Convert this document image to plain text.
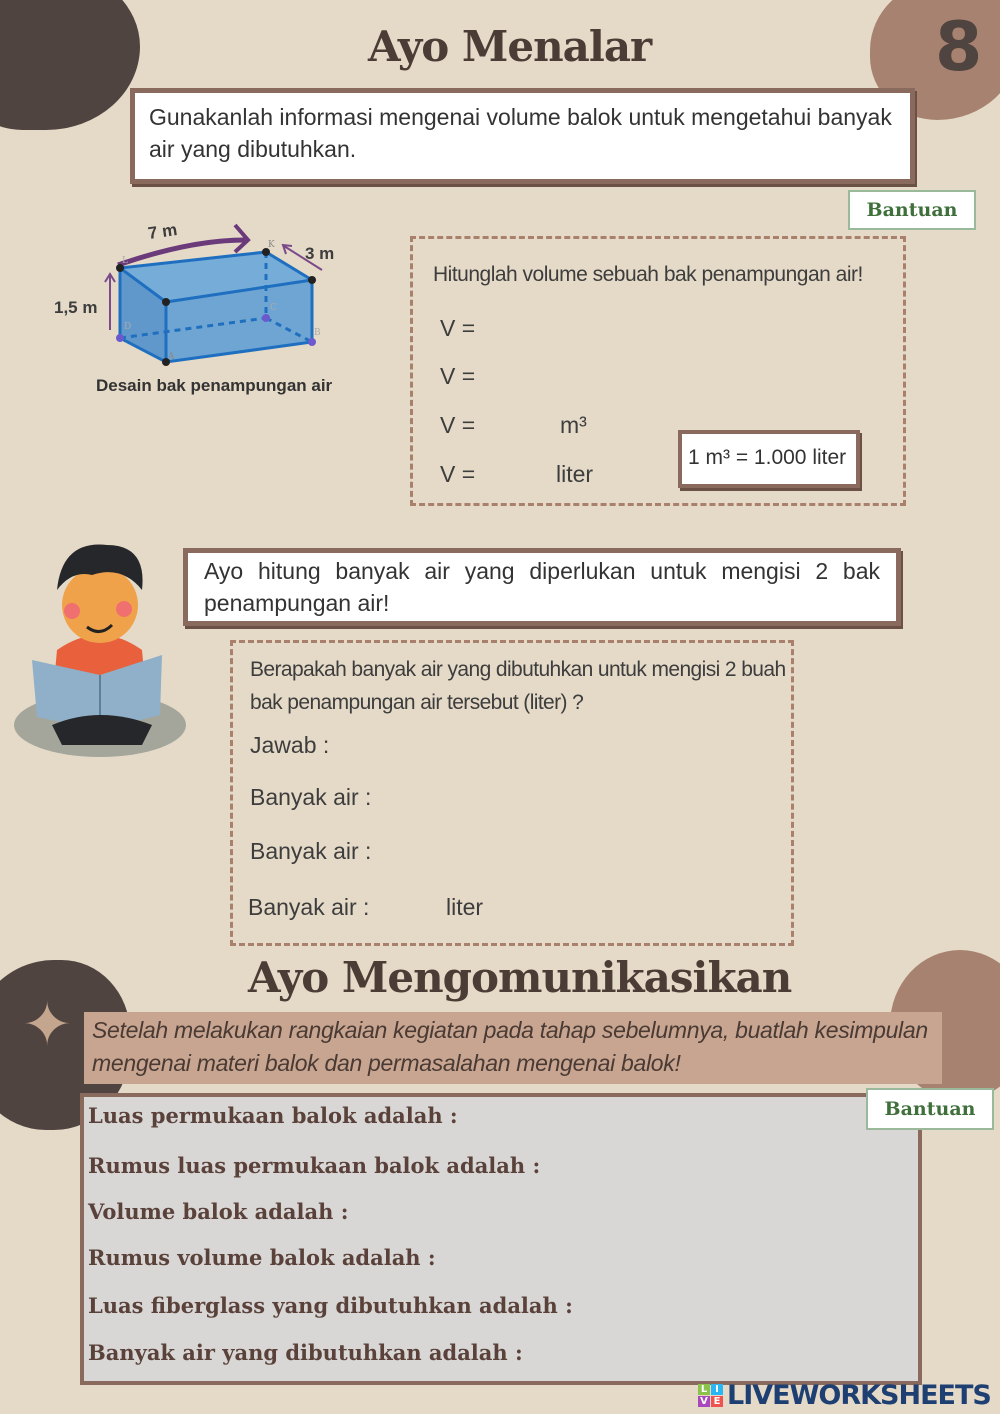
8
✦
Ayo Menalar
Gunakanlah informasi mengenai volume balok untuk mengetahui banyak air yang dibutuhkan.
Bantuan
7 m
3 m
1,5 m
L
K
D
C
B
A
Desain bak penampungan air
Hitunglah volume sebuah bak penampungan air!
V =
V =
V =	m³
V =	liter
1 m³ = 1.000 liter
Ayo hitung banyak air yang diperlukan untuk mengisi 2 bak penampungan air!
Berapakah banyak air yang dibutuhkan untuk mengisi 2 buah bak penampungan air tersebut (liter) ?
Jawab :
Banyak air :
Banyak air :
Banyak air :	liter
Ayo Mengomunikasikan
Setelah melakukan rangkaian kegiatan pada tahap sebelumnya, buatlah kesimpulan mengenai materi balok dan permasalahan mengenai balok!
Luas permukaan balok adalah :
Rumus luas permukaan balok adalah :
Volume balok adalah :
Rumus volume balok adalah :
Luas fiberglass yang dibutuhkan adalah :
Banyak air yang dibutuhkan adalah :
Bantuan
L I
V E LIVEWORKSHEETS
